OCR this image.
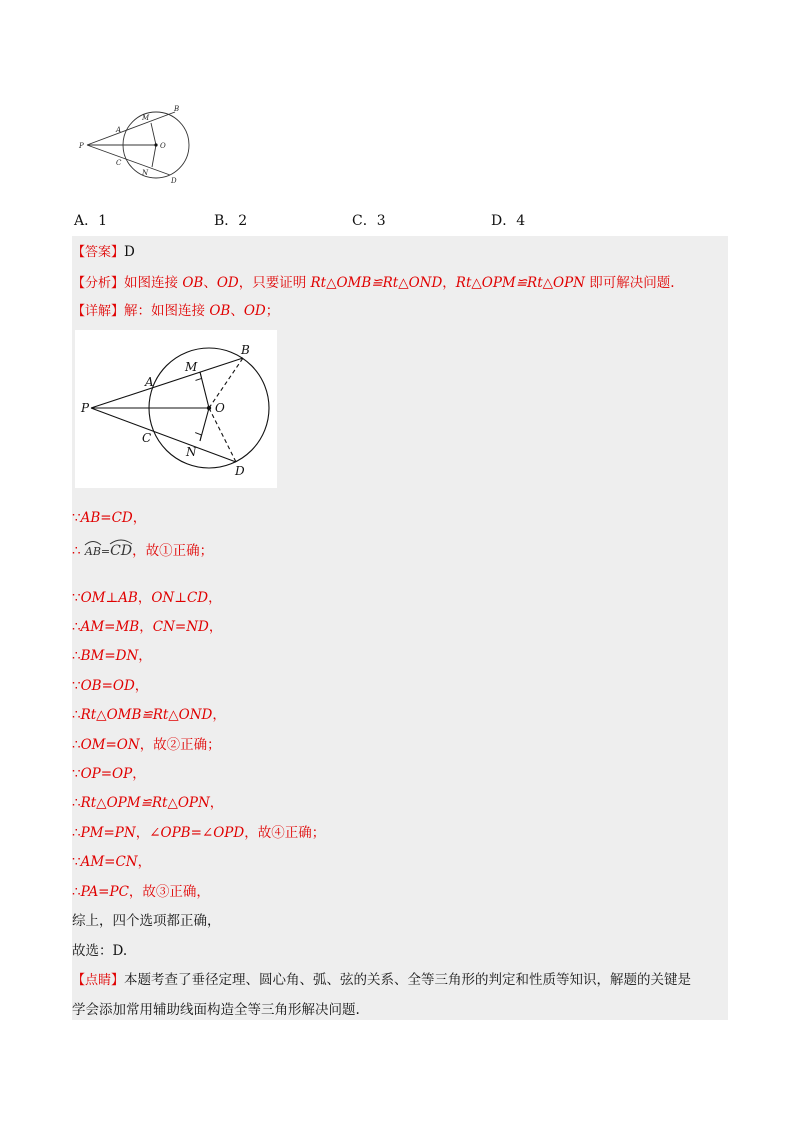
P
A
M
B
O
C
N
D
A．1	B．2	C．3	D．4
【答案】D
【分析】如图连接 OB、OD，只要证明 Rt△OMB≌Rt△OND，Rt△OPM≌Rt△OPN 即可解决问题.
【详解】解：如图连接 OB、OD；
P
A
M
B
O
C
N
D
∵AB=CD，
∴ AB=
CD，故①正确；
∵OM⊥AB，ON⊥CD，
∴AM=MB，CN=ND，
∴BM=DN，
∵OB=OD，
∴Rt△OMB≌Rt△OND，
∴OM=ON，故②正确；
∵OP=OP，
∴Rt△OPM≌Rt△OPN，
∴PM=PN，∠OPB=∠OPD，故④正确；
∵AM=CN，
∴PA=PC，故③正确，
综上，四个选项都正确，
故选：D.
【点睛】本题考查了垂径定理、圆心角、弧、弦的关系、全等三角形的判定和性质等知识，解题的关键是
学会添加常用辅助线面构造全等三角形解决问题.
